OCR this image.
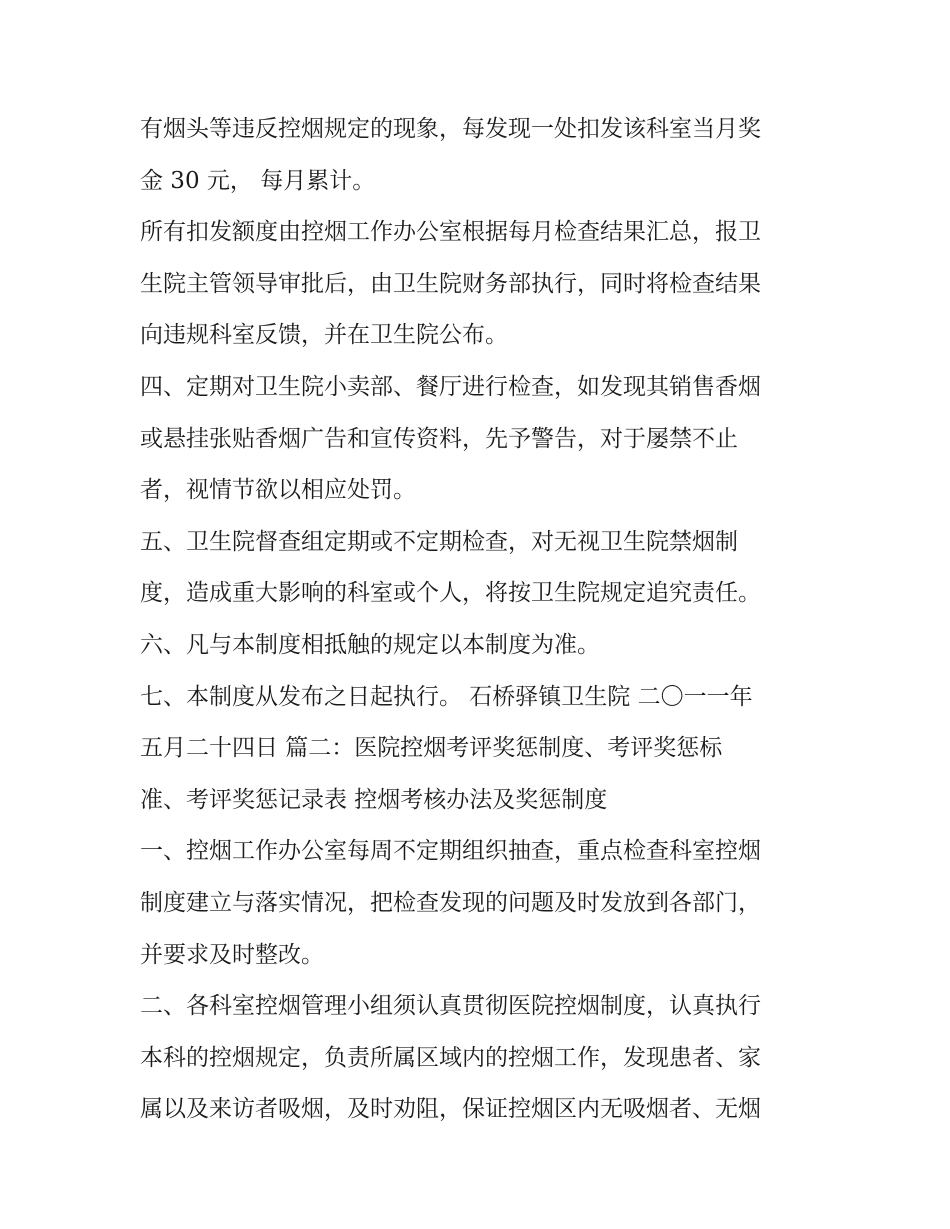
有烟头等违反控烟规定的现象，每发现一处扣发该科室当月奖
金 30 元， 每月累计。
所有扣发额度由控烟工作办公室根据每月检查结果汇总，报卫
生院主管领导审批后，由卫生院财务部执行，同时将检查结果
向违规科室反馈，并在卫生院公布。
四、定期对卫生院小卖部、餐厅进行检查，如发现其销售香烟
或悬挂张贴香烟广告和宣传资料，先予警告，对于屡禁不止
者，视情节欲以相应处罚。
五、卫生院督查组定期或不定期检查，对无视卫生院禁烟制
度，造成重大影响的科室或个人，将按卫生院规定追究责任。
六、凡与本制度相抵触的规定以本制度为准。
七、本制度从发布之日起执行。 石桥驿镇卫生院 二〇一一年
五月二十四日 篇二：医院控烟考评奖惩制度、考评奖惩标
准、考评奖惩记录表 控烟考核办法及奖惩制度
一、控烟工作办公室每周不定期组织抽查，重点检查科室控烟
制度建立与落实情况，把检查发现的问题及时发放到各部门，
并要求及时整改。
二、各科室控烟管理小组须认真贯彻医院控烟制度，认真执行
本科的控烟规定，负责所属区域内的控烟工作，发现患者、家
属以及来访者吸烟，及时劝阻，保证控烟区内无吸烟者、无烟
